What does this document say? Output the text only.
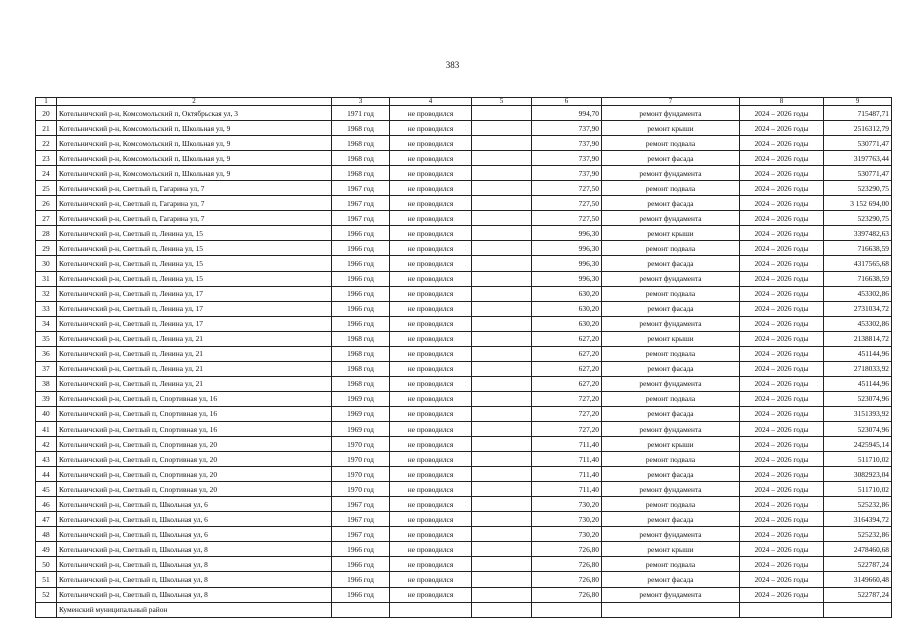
383
1	2	3	4	5	6	7	8	9
20	Котельничский р-н, Комсомольский п, Октябрьская ул, 3	1971 год	не проводился		994,70	ремонт фундамента	2024 – 2026 годы	715487,71
21	Котельничский р-н, Комсомольский п, Школьная ул, 9	1968 год	не проводился		737,90	ремонт крыши	2024 – 2026 годы	2516312,79
22	Котельничский р-н, Комсомольский п, Школьная ул, 9	1968 год	не проводился		737,90	ремонт подвала	2024 – 2026 годы	530771,47
23	Котельничский р-н, Комсомольский п, Школьная ул, 9	1968 год	не проводился		737,90	ремонт фасада	2024 – 2026 годы	3197763,44
24	Котельничский р-н, Комсомольский п, Школьная ул, 9	1968 год	не проводился		737,90	ремонт фундамента	2024 – 2026 годы	530771,47
25	Котельничский р-н, Светлый п, Гагарина ул, 7	1967 год	не проводился		727,50	ремонт подвала	2024 – 2026 годы	523290,75
26	Котельничский р-н, Светлый п, Гагарина ул, 7	1967 год	не проводился		727,50	ремонт фасада	2024 – 2026 годы	3 152 694,00
27	Котельничский р-н, Светлый п, Гагарина ул, 7	1967 год	не проводился		727,50	ремонт фундамента	2024 – 2026 годы	523290,75
28	Котельничский р-н, Светлый п, Ленина ул, 15	1966 год	не проводился		996,30	ремонт крыши	2024 – 2026 годы	3397482,63
29	Котельничский р-н, Светлый п, Ленина ул, 15	1966 год	не проводился		996,30	ремонт подвала	2024 – 2026 годы	716638,59
30	Котельничский р-н, Светлый п, Ленина ул, 15	1966 год	не проводился		996,30	ремонт фасада	2024 – 2026 годы	4317565,68
31	Котельничский р-н, Светлый п, Ленина ул, 15	1966 год	не проводился		996,30	ремонт фундамента	2024 – 2026 годы	716638,59
32	Котельничский р-н, Светлый п, Ленина ул, 17	1966 год	не проводился		630,20	ремонт подвала	2024 – 2026 годы	453302,86
33	Котельничский р-н, Светлый п, Ленина ул, 17	1966 год	не проводился		630,20	ремонт фасада	2024 – 2026 годы	2731034,72
34	Котельничский р-н, Светлый п, Ленина ул, 17	1966 год	не проводился		630,20	ремонт фундамента	2024 – 2026 годы	453302,86
35	Котельничский р-н, Светлый п, Ленина ул, 21	1968 год	не проводился		627,20	ремонт крыши	2024 – 2026 годы	2138814,72
36	Котельничский р-н, Светлый п, Ленина ул, 21	1968 год	не проводился		627,20	ремонт подвала	2024 – 2026 годы	451144,96
37	Котельничский р-н, Светлый п, Ленина ул, 21	1968 год	не проводился		627,20	ремонт фасада	2024 – 2026 годы	2718033,92
38	Котельничский р-н, Светлый п, Ленина ул, 21	1968 год	не проводился		627,20	ремонт фундамента	2024 – 2026 годы	451144,96
39	Котельничский р-н, Светлый п, Спортивная ул, 16	1969 год	не проводился		727,20	ремонт подвала	2024 – 2026 годы	523074,96
40	Котельничский р-н, Светлый п, Спортивная ул, 16	1969 год	не проводился		727,20	ремонт фасада	2024 – 2026 годы	3151393,92
41	Котельничский р-н, Светлый п, Спортивная ул, 16	1969 год	не проводился		727,20	ремонт фундамента	2024 – 2026 годы	523074,96
42	Котельничский р-н, Светлый п, Спортивная ул, 20	1970 год	не проводился		711,40	ремонт крыши	2024 – 2026 годы	2425945,14
43	Котельничский р-н, Светлый п, Спортивная ул, 20	1970 год	не проводился		711,40	ремонт подвала	2024 – 2026 годы	511710,02
44	Котельничский р-н, Светлый п, Спортивная ул, 20	1970 год	не проводился		711,40	ремонт фасада	2024 – 2026 годы	3082923,04
45	Котельничский р-н, Светлый п, Спортивная ул, 20	1970 год	не проводился		711,40	ремонт фундамента	2024 – 2026 годы	511710,02
46	Котельничский р-н, Светлый п, Школьная ул, 6	1967 год	не проводился		730,20	ремонт подвала	2024 – 2026 годы	525232,86
47	Котельничский р-н, Светлый п, Школьная ул, 6	1967 год	не проводился		730,20	ремонт фасада	2024 – 2026 годы	3164394,72
48	Котельничский р-н, Светлый п, Школьная ул, 6	1967 год	не проводился		730,20	ремонт фундамента	2024 – 2026 годы	525232,86
49	Котельничский р-н, Светлый п, Школьная ул, 8	1966 год	не проводился		726,80	ремонт крыши	2024 – 2026 годы	2478460,68
50	Котельничский р-н, Светлый п, Школьная ул, 8	1966 год	не проводился		726,80	ремонт подвала	2024 – 2026 годы	522787,24
51	Котельничский р-н, Светлый п, Школьная ул, 8	1966 год	не проводился		726,80	ремонт фасада	2024 – 2026 годы	3149660,48
52	Котельничский р-н, Светлый п, Школьная ул, 8	1966 год	не проводился		726,80	ремонт фундамента	2024 – 2026 годы	522787,24
	Куменский муниципальный район							
